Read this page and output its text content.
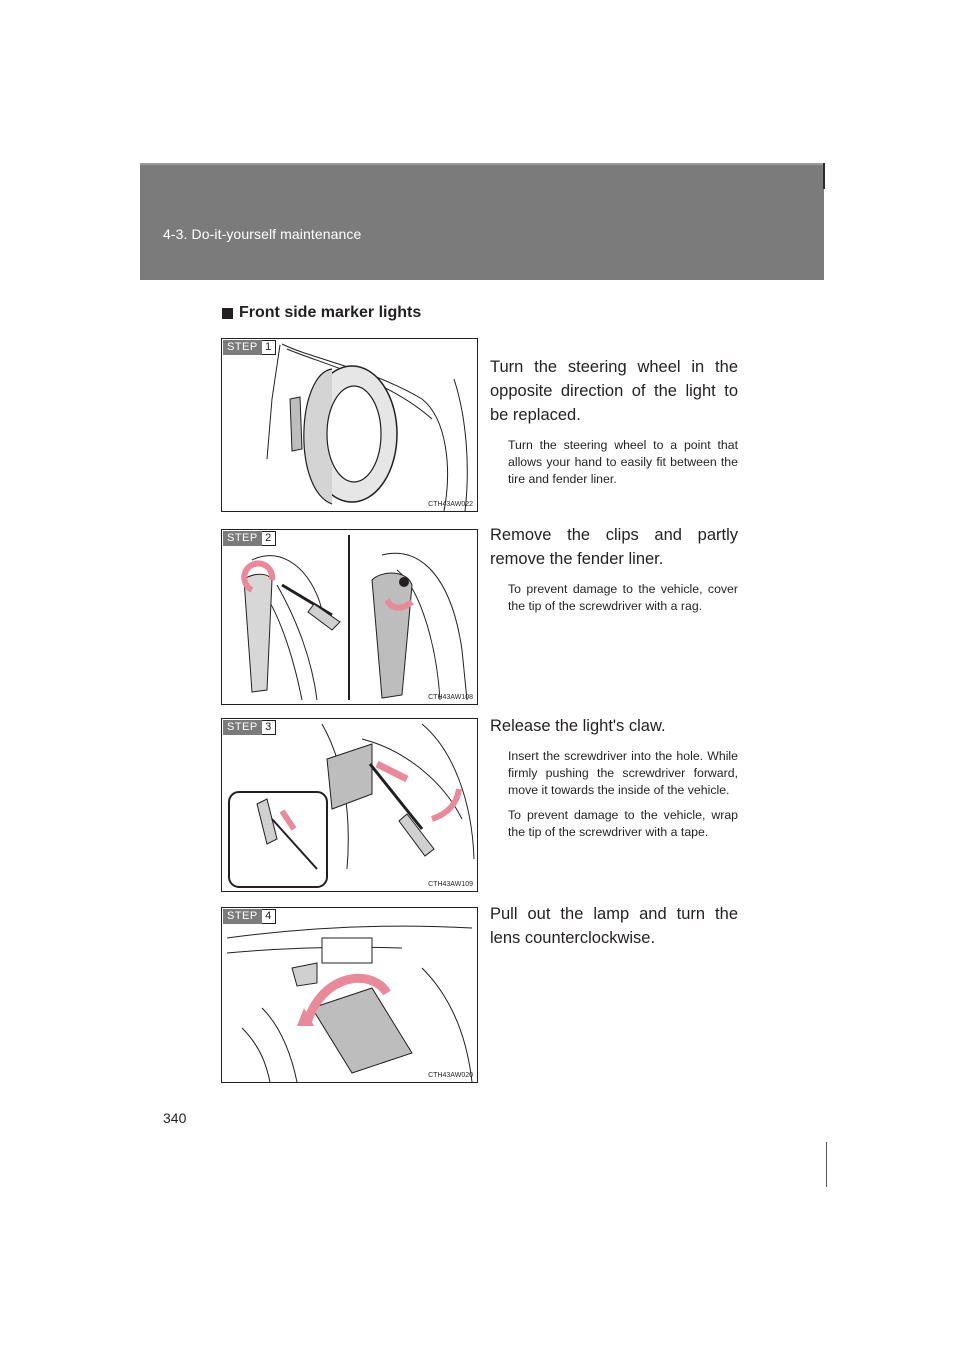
4-3. Do-it-yourself maintenance
Front side marker lights
STEP 1
CTH43AW022

Turn the steering wheel in the opposite direction of the light to be replaced.

Turn the steering wheel to a point that allows your hand to easily fit between the tire and fender liner.

STEP 2
CTH43AW108

Remove the clips and partly remove the fender liner.

To prevent damage to the vehicle, cover the tip of the screwdriver with a rag.

STEP 3
CTH43AW109

Release the light's claw.

Insert the screwdriver into the hole. While firmly pushing the screwdriver forward, move it towards the inside of the vehicle.

To prevent damage to the vehicle, wrap the tip of the screwdriver with a tape.

STEP 4
CTH43AW020

Pull out the lamp and turn the lens counterclockwise.

340
